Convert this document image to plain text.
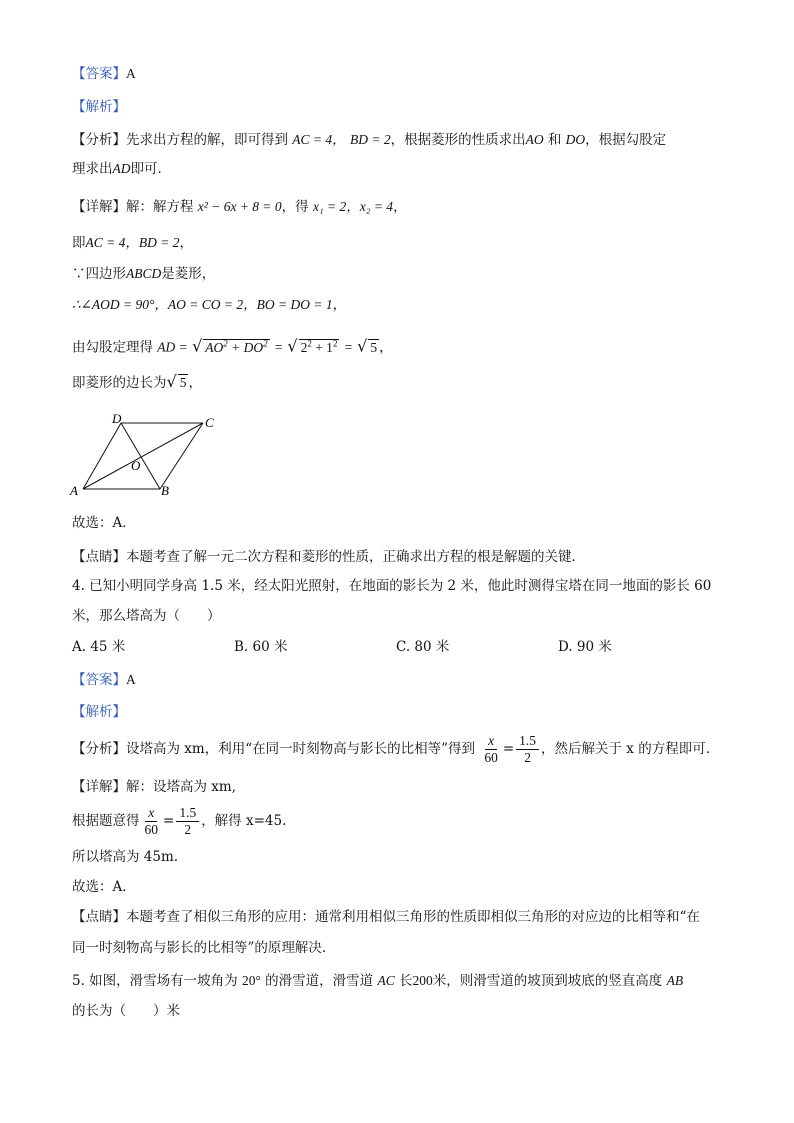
【答案】A
【解析】
【分析】先求出方程的解，即可得到 AC = 4， BD = 2，根据菱形的性质求出AO 和 DO，根据勾股定
理求出AD即可．
【详解】解：解方程 x² − 6x + 8 = 0，得 x₁ = 2，x₂ = 4，
即AC = 4，BD = 2，
∵四边形ABCD是菱形，
∴∠AOD = 90°，AO = CO = 2，BO = DO = 1，
由勾股定理得 AD = √ $AO^2 + DO^2$ = √ $2^2 + 1^2$ = √ 5 ，
即菱形的边长为√ 5 ，
A	B
C
D
O
故选：A．
【点睛】本题考查了解一元二次方程和菱形的性质，正确求出方程的根是解题的关键．
4. 已知小明同学身高 1.5 米，经太阳光照射，在地面的影长为 2 米，他此时测得宝塔在同一地面的影长 60
米，那么塔高为（　　）
A. 45 米	B. 60 米	C. 80 米	D. 90 米
【答案】A
【解析】
【分析】设塔高为 xm，利用“在同一时刻物高与影长的比相等”得到 $\frac{x}{60} = \frac{1.5}{2}$ ，然后解关于 x 的方程即可．
【详解】解：设塔高为 xm,
根据题意得 $\frac{x}{60} = \frac{1.5}{2}$ ，解得 x=45.
所以塔高为 45m.
故选：A．
【点睛】本题考查了相似三角形的应用：通常利用相似三角形的性质即相似三角形的对应边的比相等和“在
同一时刻物高与影长的比相等”的原理解决．
5. 如图，滑雪场有一坡角为 20° 的滑雪道，滑雪道 AC 长200米，则滑雪道的坡顶到坡底的竖直高度 AB
的长为（　　）米
